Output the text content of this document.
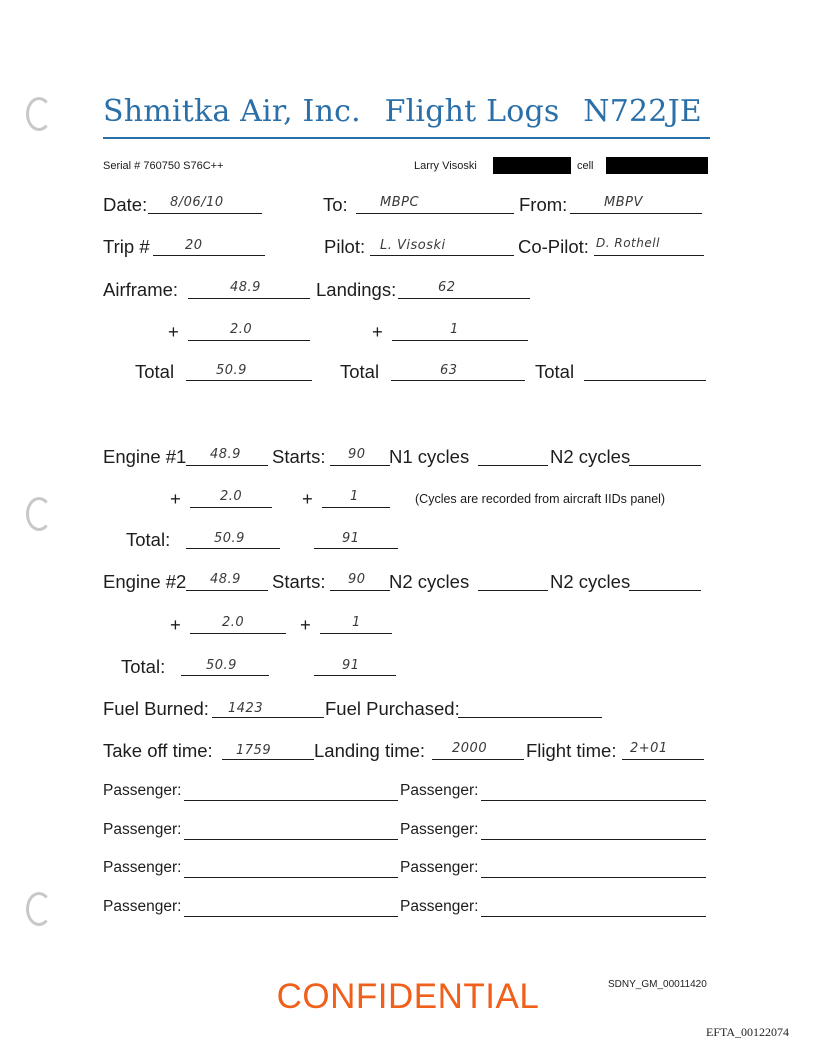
Shmitka Air, Inc. Flight Logs N722JE
Serial # 760750 S76C++	Larry Visoski	cell
Date: 8/06/10	To: MBPC	From:	MBPV
Trip #	20	Pilot: L. Visoski	Co-Pilot: D. Rothell
Airframe:	48.9	Landings:	62
+	2.0	+	1
Total	50.9	Total	63	Total
Engine #1 48.9 Starts: 90 N1 cycles	N2 cycles
+	2.0	+	1	(Cycles are recorded from aircraft IIDs panel)
Total:	50.9	91
Engine #2 48.9 Starts: 90 N2 cycles	N2 cycles
+	2.0	+	1
Total:	50.9	91
Fuel Burned: 1423	Fuel Purchased:
Take off time: 1759 Landing time: 2000 Flight time: 2+01
Passenger:	Passenger:
Passenger:	Passenger:
Passenger:	Passenger:
Passenger:	Passenger:
CONFIDENTIAL	SDNY_GM_00011420
EFTA_00122074
